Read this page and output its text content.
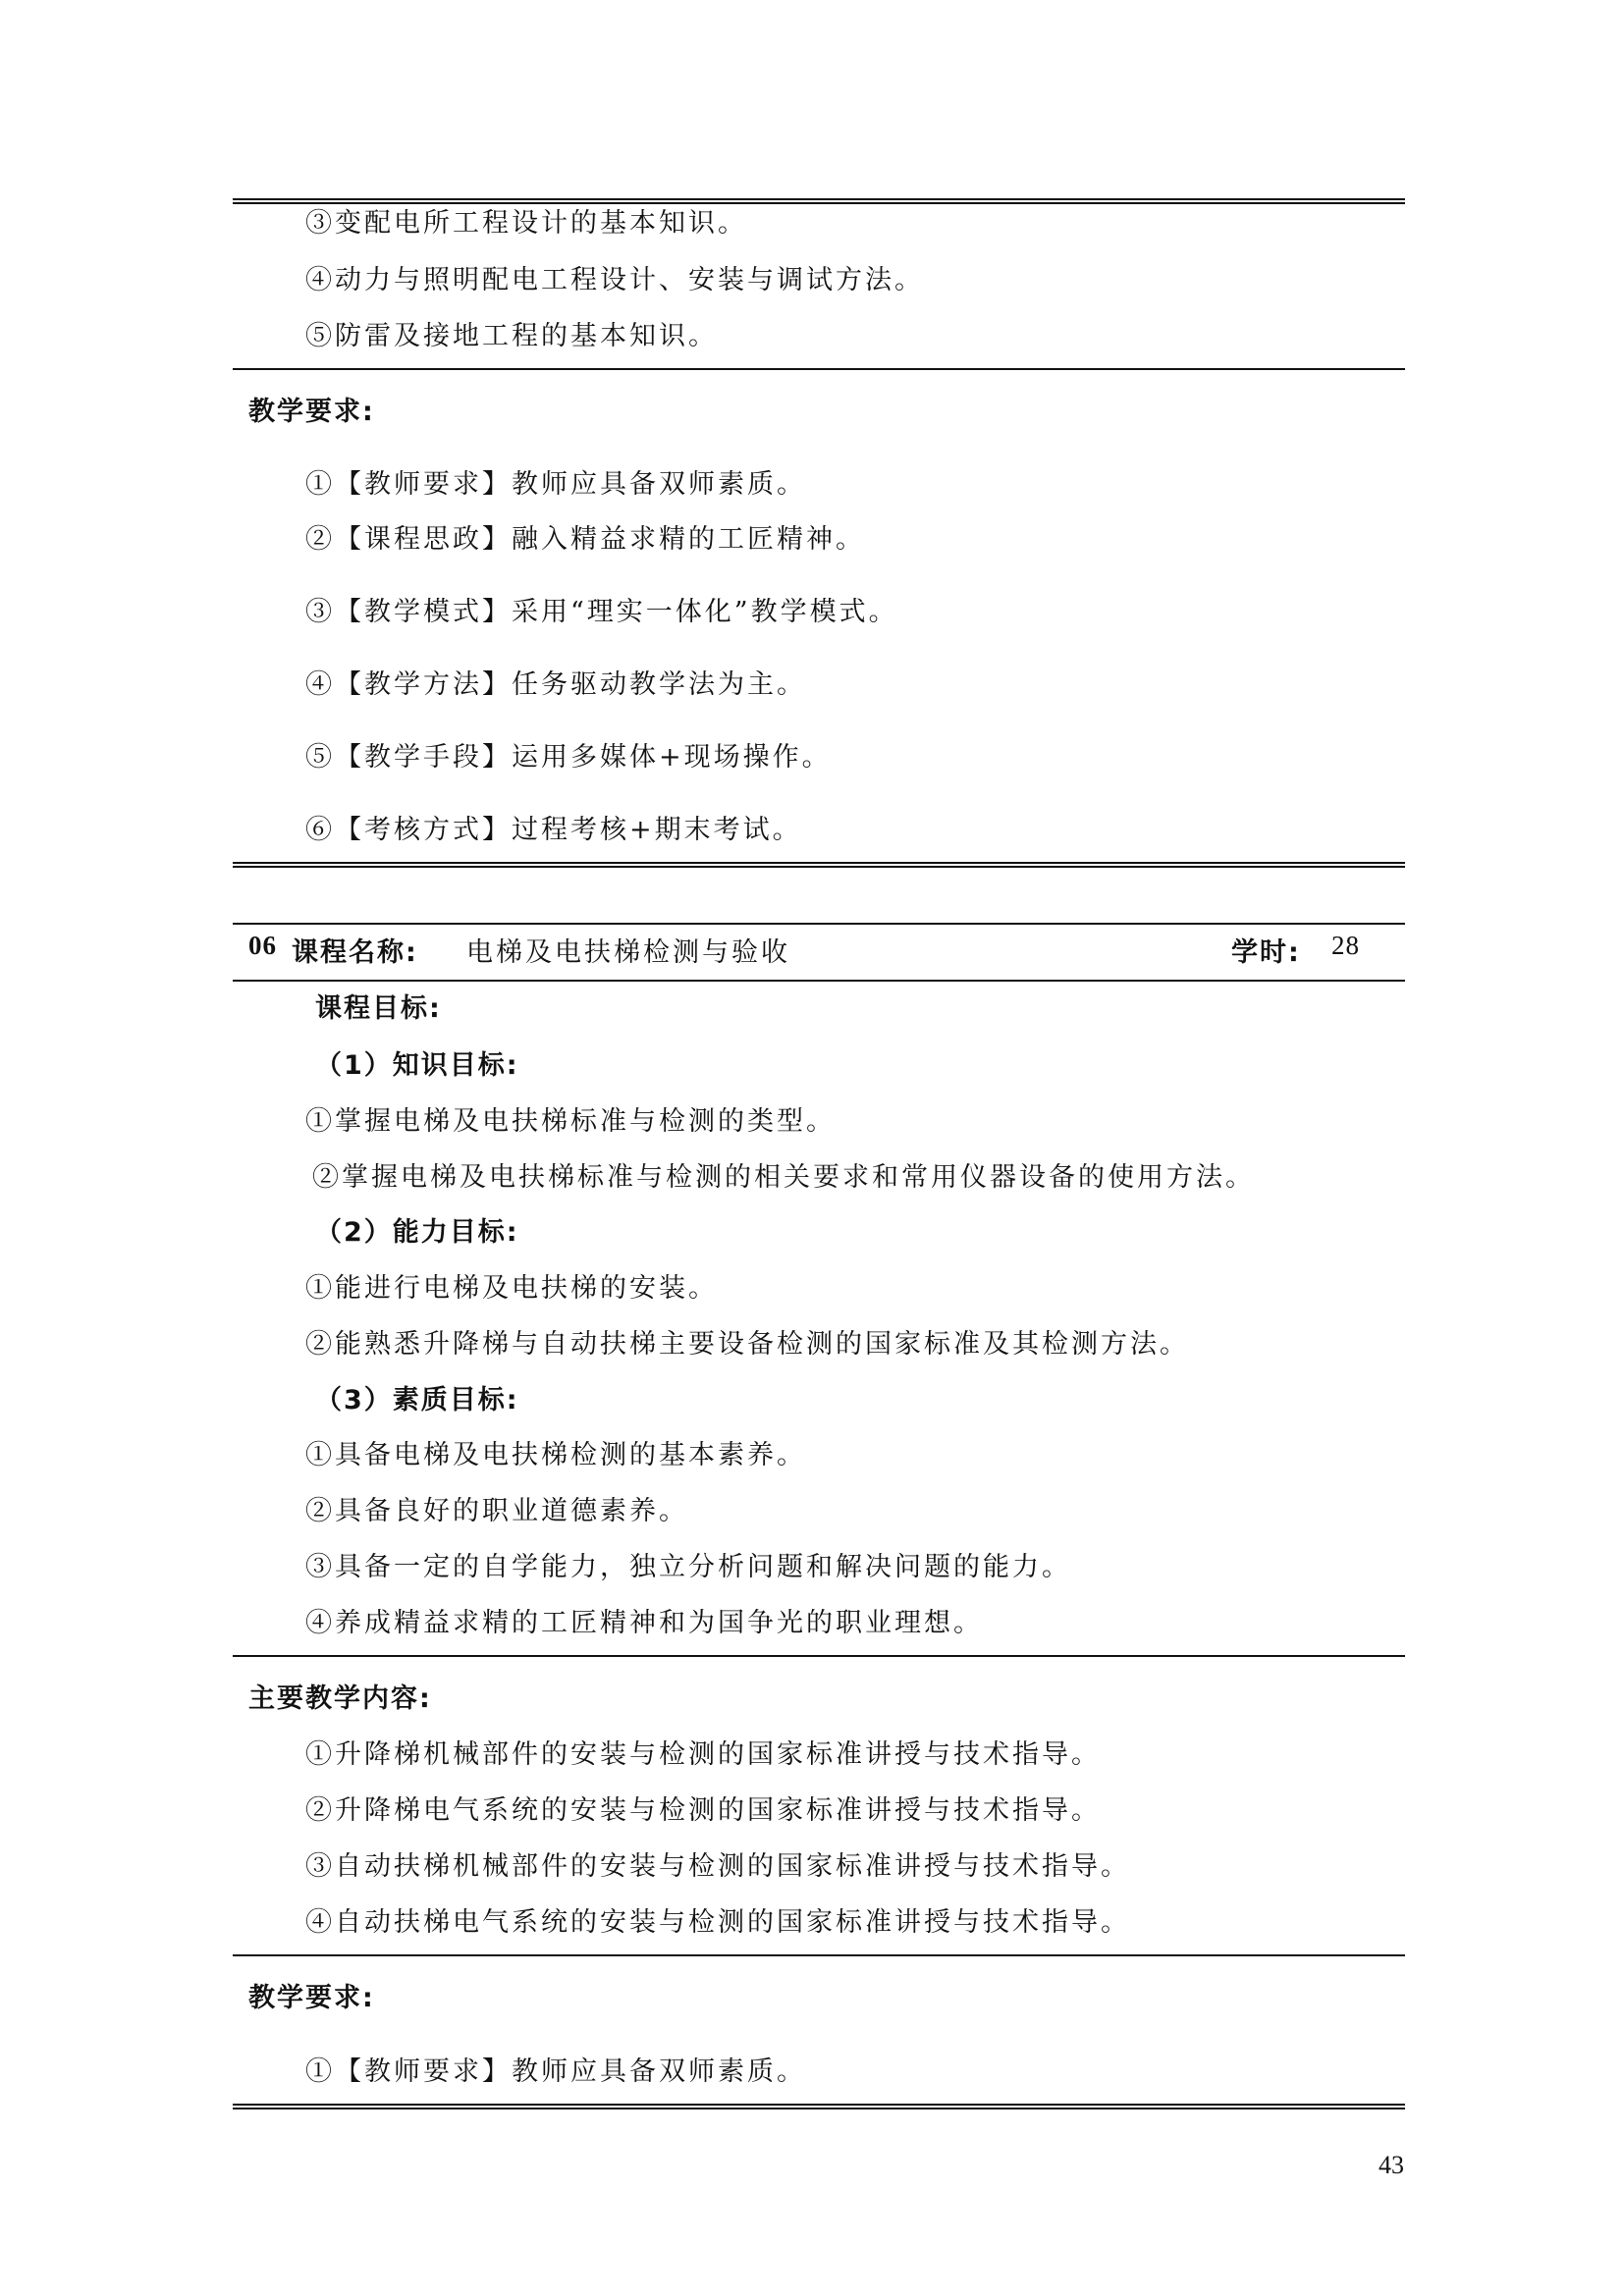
③变配电所工程设计的基本知识。
④动力与照明配电工程设计、安装与调试方法。
⑤防雷及接地工程的基本知识。
教学要求:
①【教师要求】教师应具备双师素质。
②【课程思政】融入精益求精的工匠精神。
③【教学模式】采用“理实一体化”教学模式。
④【教学方法】任务驱动教学法为主。
⑤【教学手段】运用多媒体+现场操作。
⑥【考核方式】过程考核+期末考试。
06 课程名称: 电梯及电扶梯检测与验收	学时: 28
课程目标:
（1）知识目标:
①掌握电梯及电扶梯标准与检测的类型。
②掌握电梯及电扶梯标准与检测的相关要求和常用仪器设备的使用方法。
（2）能力目标:
①能进行电梯及电扶梯的安装。
②能熟悉升降梯与自动扶梯主要设备检测的国家标准及其检测方法。
（3）素质目标:
①具备电梯及电扶梯检测的基本素养。
②具备良好的职业道德素养。
③具备一定的自学能力，独立分析问题和解决问题的能力。
④养成精益求精的工匠精神和为国争光的职业理想。
主要教学内容:
①升降梯机械部件的安装与检测的国家标准讲授与技术指导。
②升降梯电气系统的安装与检测的国家标准讲授与技术指导。
③自动扶梯机械部件的安装与检测的国家标准讲授与技术指导。
④自动扶梯电气系统的安装与检测的国家标准讲授与技术指导。
教学要求:
①【教师要求】教师应具备双师素质。
43
